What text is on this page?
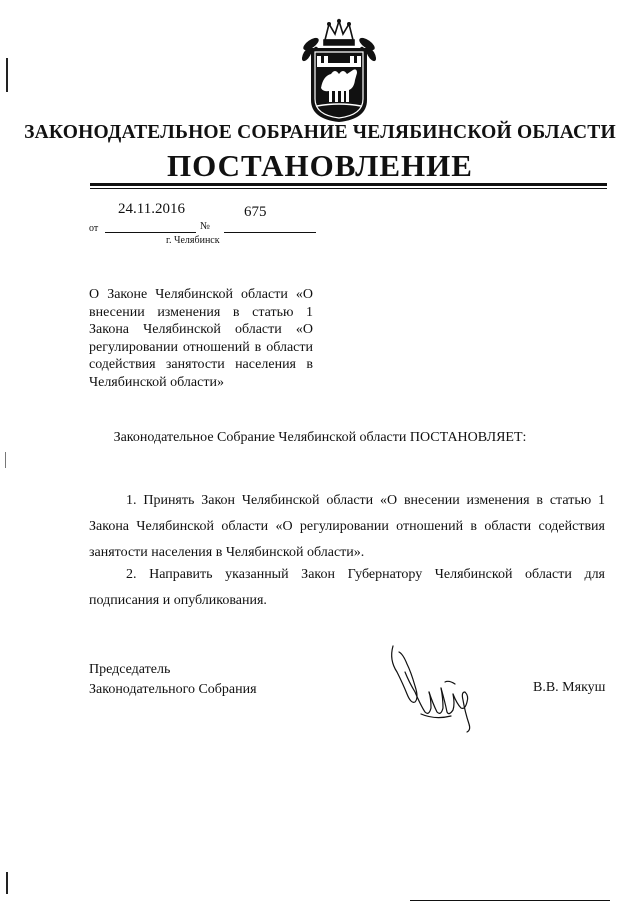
ЗАКОНОДАТЕЛЬНОЕ СОБРАНИЕ ЧЕЛЯБИНСКОЙ ОБЛАСТИ
ПОСТАНОВЛЕНИЕ
24.11.2016	675
от	№
г. Челябинск
О Законе Челябинской области «О внесении изменения в статью 1 Закона Челябинской области «О регулировании отношений в области содействия занятости населения в Челябинской области»
Законодательное Собрание Челябинской области ПОСТАНОВЛЯЕТ:
1. Принять Закон Челябинской области «О внесении изменения в статью 1 Закона Челябинской области «О регулировании отношений в области содействия занятости населения в Челябинской области».
2. Направить указанный Закон Губернатору Челябинской области для подписания и опубликования.
Председатель
Законодательного Собрания	В.В. Мякуш
